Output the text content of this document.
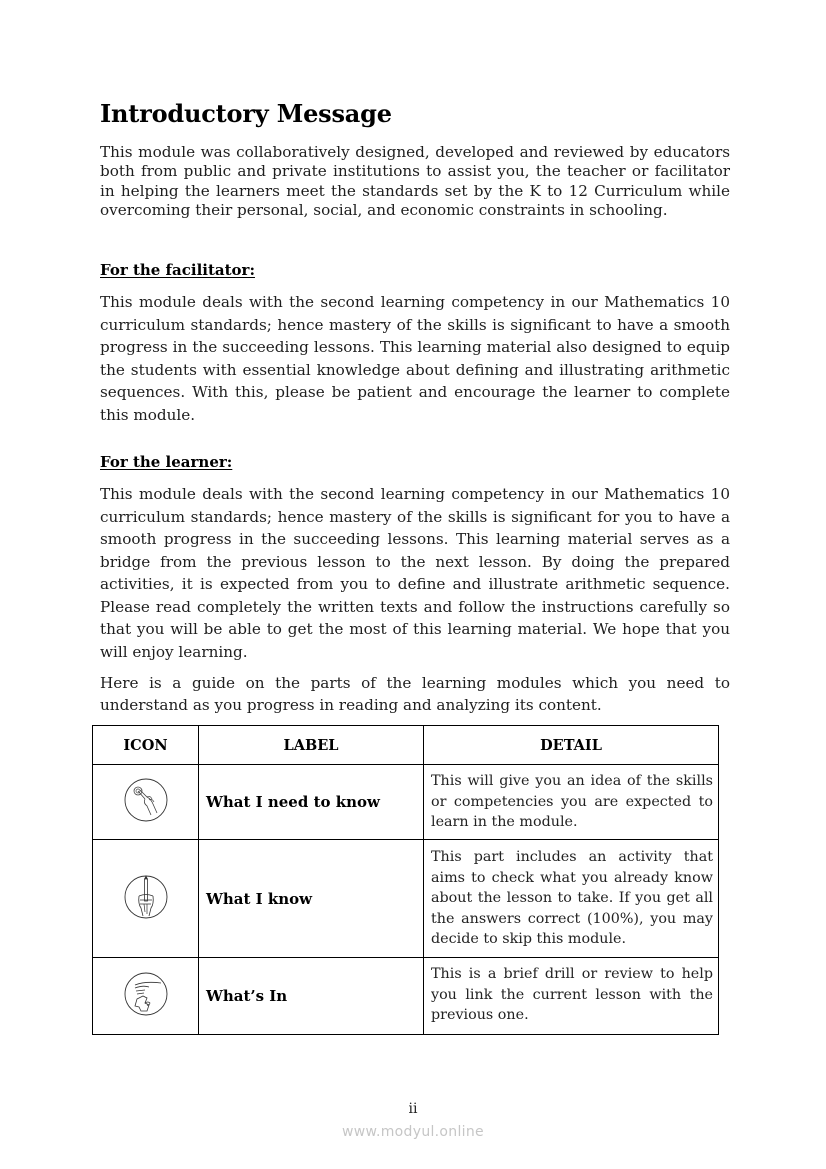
Introductory Message

This module was collaboratively designed, developed and reviewed by educators both from public and private institutions to assist you, the teacher or facilitator in helping the learners meet the standards set by the K to 12 Curriculum while overcoming their personal, social, and economic constraints in schooling.

For the facilitator:

This module deals with the second learning competency in our Mathematics 10 curriculum standards; hence mastery of the skills is significant to have a smooth progress in the succeeding lessons. This learning material also designed to equip the students with essential knowledge about defining and illustrating arithmetic sequences. With this, please be patient and encourage the learner to complete this module.

For the learner:

This module deals with the second learning competency in our Mathematics 10 curriculum standards; hence mastery of the skills is significant for you to have a smooth progress in the succeeding lessons. This learning material serves as a bridge from the previous lesson to the next lesson. By doing the prepared activities, it is expected from you to define and illustrate arithmetic sequence. Please read completely the written texts and follow the instructions carefully so that you will be able to get the most of this learning material. We hope that you will enjoy learning.

Here is a guide on the parts of the learning modules which you need to understand as you progress in reading and analyzing its content.

ICON	LABEL	DETAIL
	What I need to know	This will give you an idea of the skills or competencies you are expected to learn in the module.

	What I know	This part includes an activity that aims to check what you already know about the lesson to take. If you get all the answers correct (100%), you may decide to skip this module.

	What’s In	This is a brief drill or review to help you link the current lesson with the previous one.
ii
www.modyul.online
